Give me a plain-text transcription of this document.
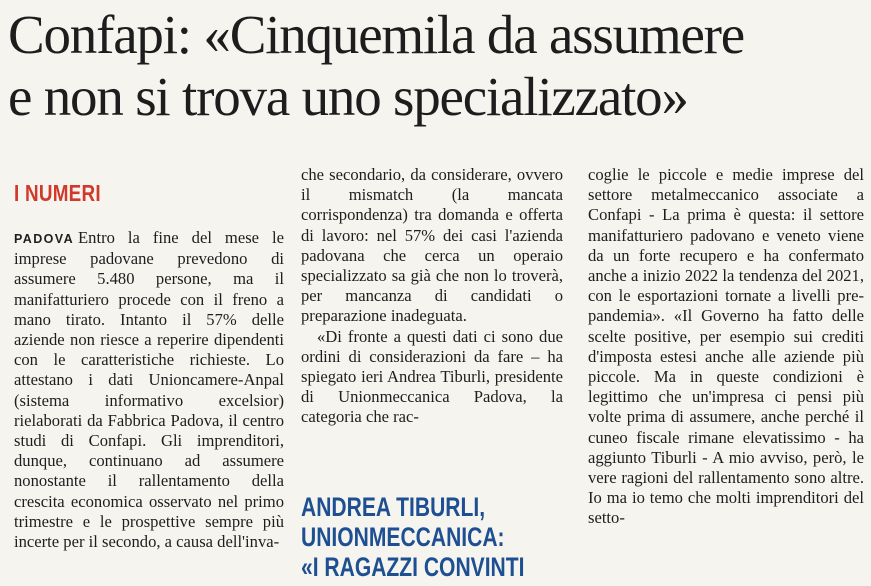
Confapi: «Cinquemila da assumere
e non si trova uno specializzato»
I NUMERI

PADOVA Entro la fine del mese le imprese padovane prevedono di assumere 5.480 persone, ma il manifatturiero procede con il freno a mano tirato. Intanto il 57% delle aziende non riesce a reperire dipendenti con le caratteristiche richieste. Lo attestano i dati Unioncamere-Anpal (sistema informativo excelsior) rielaborati da Fabbrica Padova, il centro studi di Confapi. Gli imprenditori, dunque, continuano ad assumere nonostante il rallentamento della crescita economica osservato nel primo trimestre e le prospettive sempre più incerte per il secondo, a causa dell'inva-

che secondario, da considerare, ovvero il mismatch (la mancata corrispondenza) tra domanda e offerta di lavoro: nel 57% dei casi l'azienda padovana che cerca un operaio specializzato sa già che non lo troverà, per mancanza di candidati o preparazione inadeguata.

«Di fronte a questi dati ci sono due ordini di considerazioni da fare – ha spiegato ieri Andrea Tiburli, presidente di Unionmeccanica Padova, la categoria che rac-

ANDREA TIBURLI,
UNIONMECCANICA:
«I RAGAZZI CONVINTI

coglie le piccole e medie imprese del settore metalmeccanico associate a Confapi - La prima è questa: il settore manifatturiero padovano e veneto viene da un forte recupero e ha confermato anche a inizio 2022 la tendenza del 2021, con le esportazioni tornate a livelli pre-pandemia». «Il Governo ha fatto delle scelte positive, per esempio sui crediti d'imposta estesi anche alle aziende più piccole. Ma in queste condizioni è legittimo che un'impresa ci pensi più volte prima di assumere, anche perché il cuneo fiscale rimane elevatissimo - ha aggiunto Tiburli - A mio avviso, però, le vere ragioni del rallentamento sono altre. Io ma io temo che molti imprenditori del setto-
